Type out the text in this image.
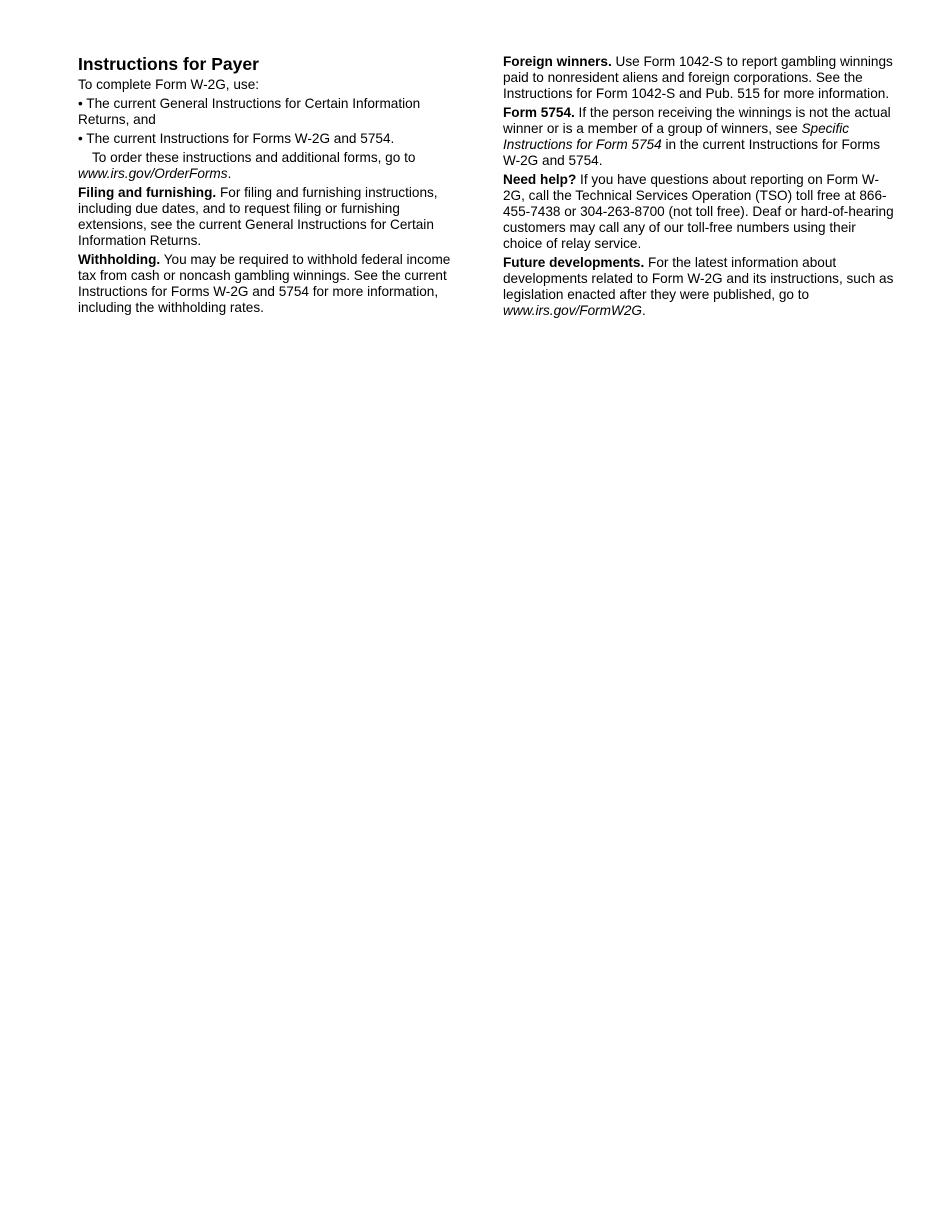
Instructions for Payer

To complete Form W-2G, use:

• The current General Instructions for Certain Information Returns, and

• The current Instructions for Forms W-2G and 5754.

To order these instructions and additional forms, go to www.irs.gov/OrderForms.

Filing and furnishing. For filing and furnishing instructions, including due dates, and to request filing or furnishing extensions, see the current General Instructions for Certain Information Returns.

Withholding. You may be required to withhold federal income tax from cash or noncash gambling winnings. See the current Instructions for Forms W-2G and 5754 for more information, including the withholding rates.

Foreign winners. Use Form 1042-S to report gambling winnings paid to nonresident aliens and foreign corporations. See the Instructions for Form 1042-S and Pub. 515 for more information.

Form 5754. If the person receiving the winnings is not the actual winner or is a member of a group of winners, see Specific Instructions for Form 5754 in the current Instructions for Forms W-2G and 5754.

Need help? If you have questions about reporting on Form W-2G, call the Technical Services Operation (TSO) toll free at 866-455-7438 or 304-263-8700 (not toll free). Deaf or hard-of-hearing customers may call any of our toll-free numbers using their choice of relay service.

Future developments. For the latest information about developments related to Form W-2G and its instructions, such as legislation enacted after they were published, go to www.irs.gov/FormW2G.
